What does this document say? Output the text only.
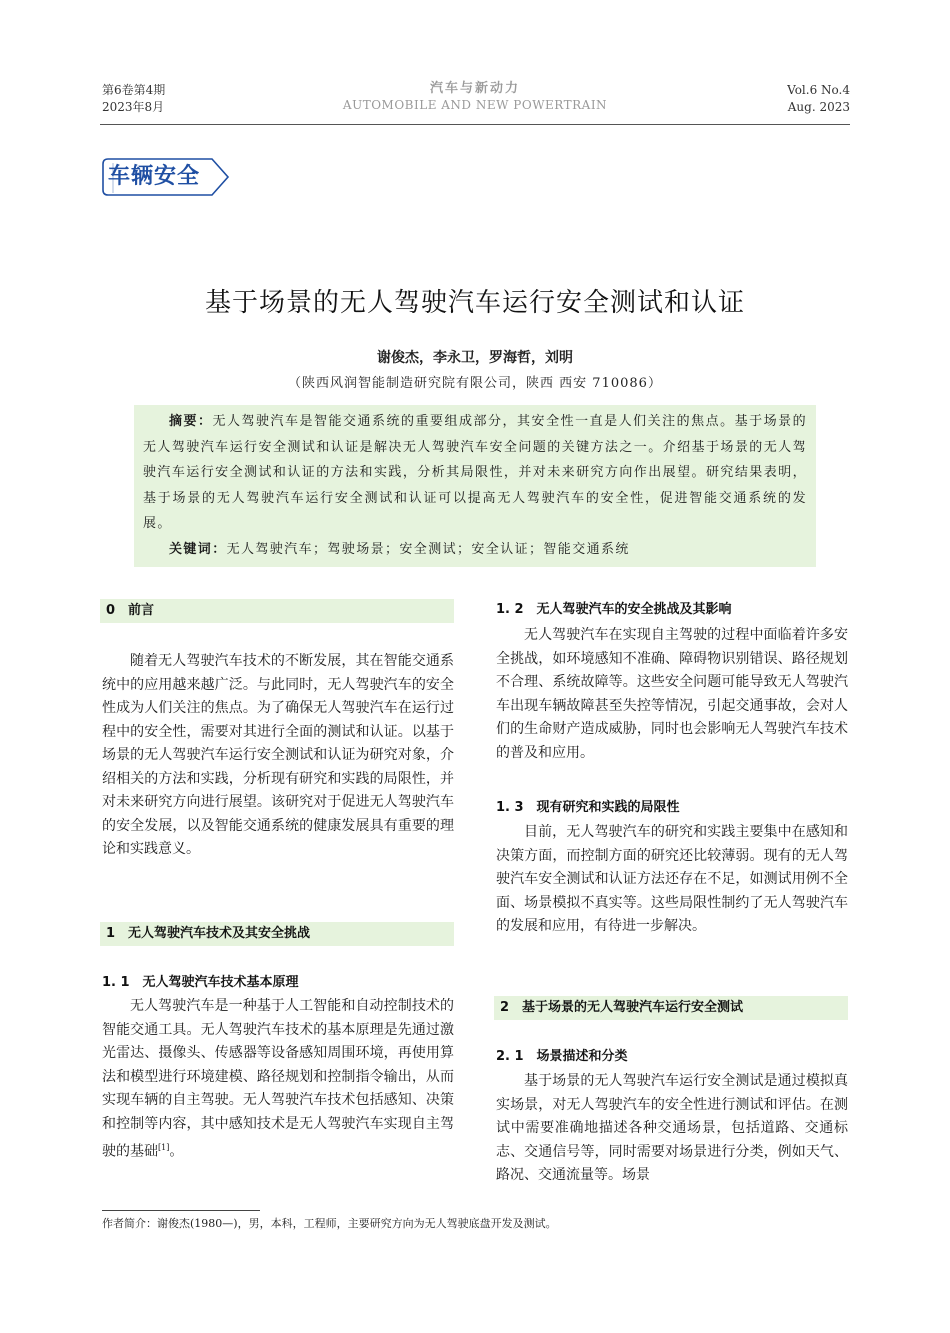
第6卷第4期
2023年8月
汽车与新动力
AUTOMOBILE AND NEW POWERTRAIN
Vol.6 No.4
Aug. 2023
车辆安全
基于场景的无人驾驶汽车运行安全测试和认证
谢俊杰，李永卫，罗海哲，刘明
（陕西风润智能制造研究院有限公司，陕西 西安 710086）

摘要：无人驾驶汽车是智能交通系统的重要组成部分，其安全性一直是人们关注的焦点。基于场景的无人驾驶汽车运行安全测试和认证是解决无人驾驶汽车安全问题的关键方法之一。介绍基于场景的无人驾驶汽车运行安全测试和认证的方法和实践，分析其局限性，并对未来研究方向作出展望。研究结果表明，基于场景的无人驾驶汽车运行安全测试和认证可以提高无人驾驶汽车的安全性，促进智能交通系统的发展。

关键词：无人驾驶汽车；驾驶场景；安全测试；安全认证；智能交通系统

0　前言

随着无人驾驶汽车技术的不断发展，其在智能交通系统中的应用越来越广泛。与此同时，无人驾驶汽车的安全性成为人们关注的焦点。为了确保无人驾驶汽车在运行过程中的安全性，需要对其进行全面的测试和认证。以基于场景的无人驾驶汽车运行安全测试和认证为研究对象，介绍相关的方法和实践，分析现有研究和实践的局限性，并对未来研究方向进行展望。该研究对于促进无人驾驶汽车的安全发展，以及智能交通系统的健康发展具有重要的理论和实践意义。

1　无人驾驶汽车技术及其安全挑战
1. 1　无人驾驶汽车技术基本原理

无人驾驶汽车是一种基于人工智能和自动控制技术的智能交通工具。无人驾驶汽车技术的基本原理是先通过激光雷达、摄像头、传感器等设备感知周围环境，再使用算法和模型进行环境建模、路径规划和控制指令输出，从而实现车辆的自主驾驶。无人驾驶汽车技术包括感知、决策和控制等内容，其中感知技术是无人驾驶汽车实现自主驾驶的基础[1]。

1. 2　无人驾驶汽车的安全挑战及其影响

无人驾驶汽车在实现自主驾驶的过程中面临着许多安全挑战，如环境感知不准确、障碍物识别错误、路径规划不合理、系统故障等。这些安全问题可能导致无人驾驶汽车出现车辆故障甚至失控等情况，引起交通事故，会对人们的生命财产造成威胁，同时也会影响无人驾驶汽车技术的普及和应用。

1. 3　现有研究和实践的局限性

目前，无人驾驶汽车的研究和实践主要集中在感知和决策方面，而控制方面的研究还比较薄弱。现有的无人驾驶汽车安全测试和认证方法还存在不足，如测试用例不全面、场景模拟不真实等。这些局限性制约了无人驾驶汽车的发展和应用，有待进一步解决。

2　基于场景的无人驾驶汽车运行安全测试
2. 1　场景描述和分类

基于场景的无人驾驶汽车运行安全测试是通过模拟真实场景，对无人驾驶汽车的安全性进行测试和评估。在测试中需要准确地描述各种交通场景，包括道路、交通标志、交通信号等，同时需要对场景进行分类，例如天气、路况、交通流量等。场景

作者简介：谢俊杰(1980—)，男，本科，工程师，主要研究方向为无人驾驶底盘开发及测试。
